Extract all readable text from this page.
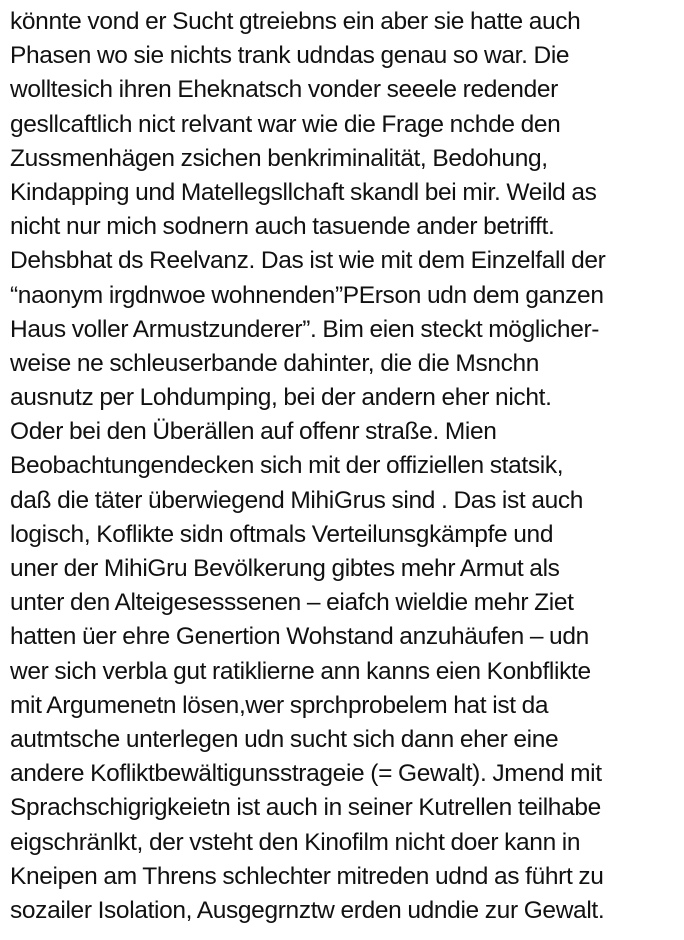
könnte vond er Sucht gtreiebns ein aber sie hatte auch
Phasen wo sie nichts trank udndas genau so war. Die
wolltesich ihren Eheknatsch vonder seeele redender
gesllcaftlich nict relvant war wie die Frage nchde den
Zussmenhägen zsichen benkriminalität, Bedohung,
Kindapping und Matellegsllchaft skandl bei mir. Weild as
nicht nur mich sodnern auch tasuende ander betrifft.
Dehsbhat ds Reelvanz. Das ist wie mit dem Einzelfall der
“naonym irgdnwoe wohnenden”PErson udn dem ganzen
Haus voller Armustzunderer”. Bim eien steckt möglicher-
weise ne schleuserbande dahinter, die die Msnchn
ausnutz per Lohdumping, bei der andern eher nicht.
Oder bei den Überällen auf offenr straße. Mien
Beobachtungendecken sich mit der offiziellen statsik,
daß die täter überwiegend MihiGrus sind . Das ist auch
logisch, Koflikte sidn oftmals Verteilunsgkämpfe und
uner der MihiGru Bevölkerung gibtes mehr Armut als
unter den Alteigesesssenen – eiafch wieldie mehr Ziet
hatten üer ehre Genertion Wohstand anzuhäufen – udn
wer sich verbla gut ratiklierne ann kanns eien Konbflikte
mit Argumenetn lösen,wer sprchprobelem hat ist da
autmtsche unterlegen udn sucht sich dann eher eine
andere Kofliktbewältigunsstrageie (= Gewalt). Jmend mit
Sprachschigrigkeietn ist auch in seiner Kutrellen teilhabe
eigschränlkt, der vsteht den Kinofilm nicht doer kann in
Kneipen am Threns schlechter mitreden udnd as führt zu
sozailer Isolation, Ausgegrnztw erden udndie zur Gewalt.
